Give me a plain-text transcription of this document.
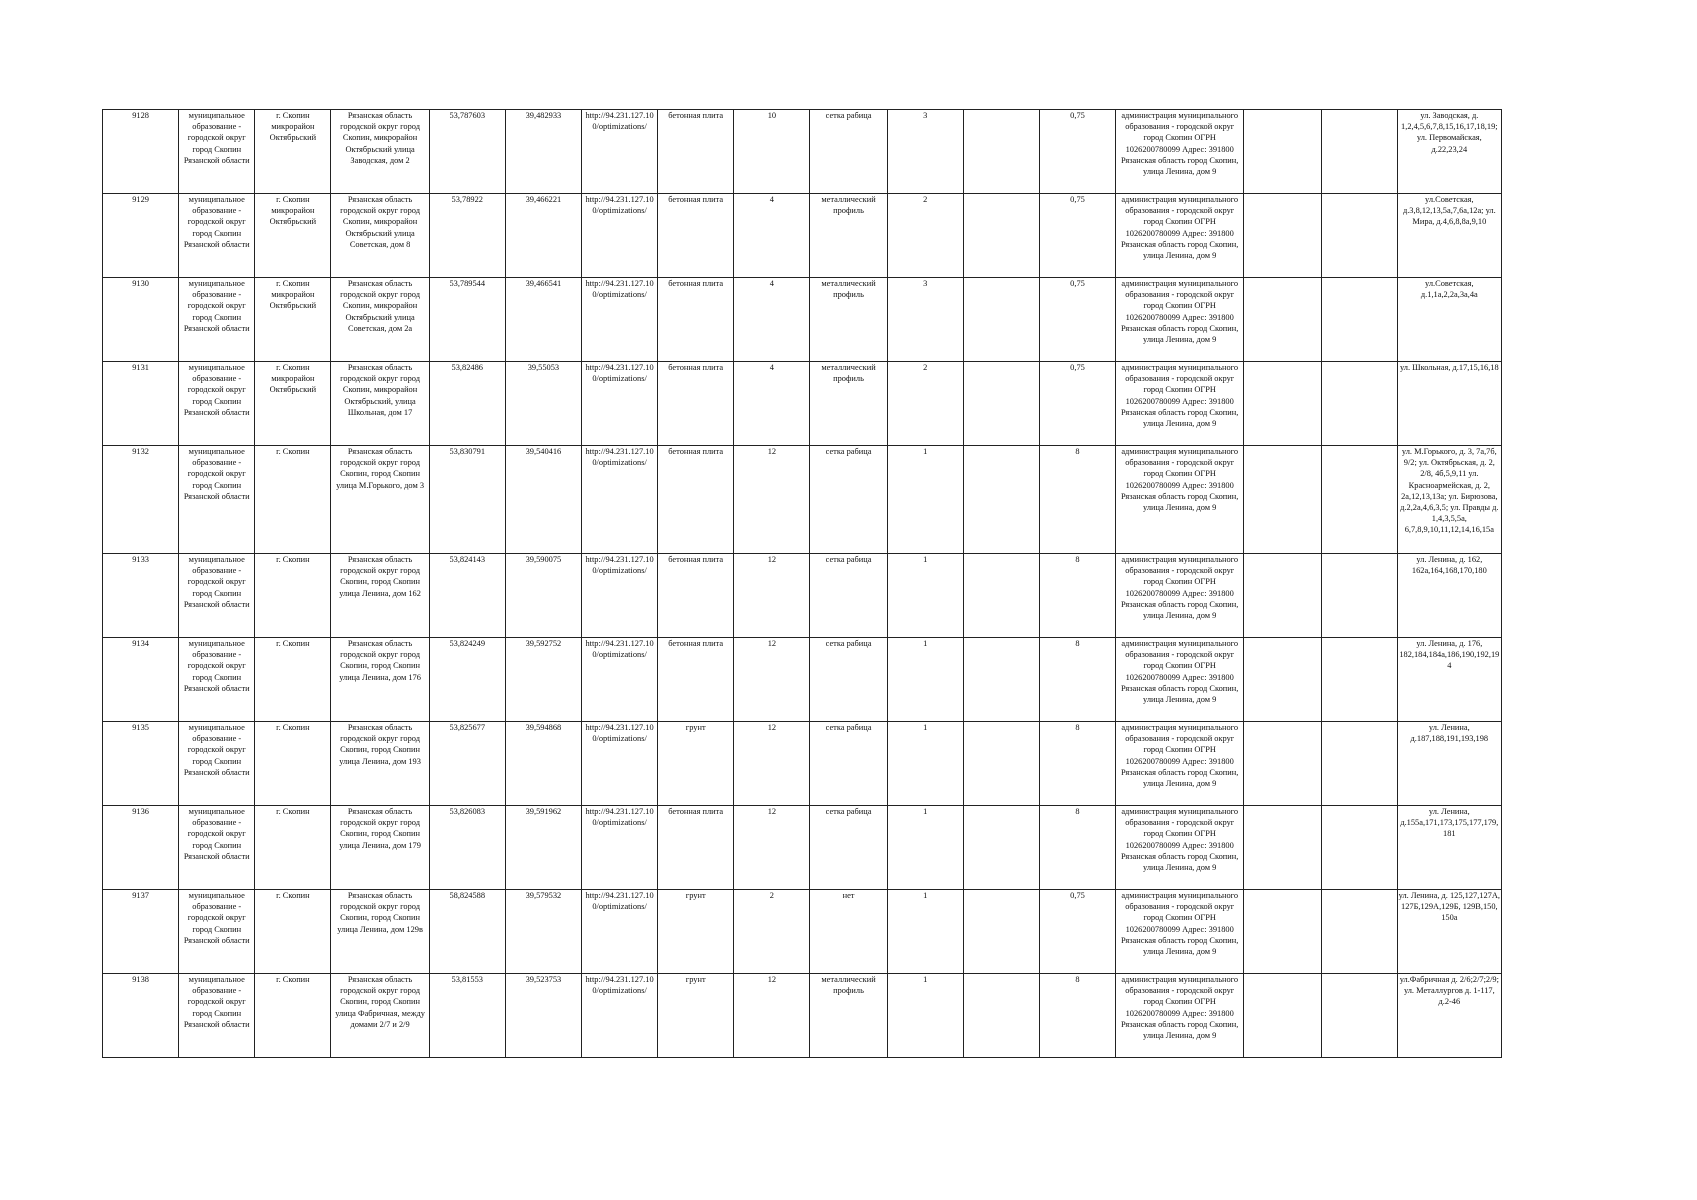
9128	муниципальное образование - городской округ город Скопин Рязанской области	г. Скопин микрорайон Октябрьский	Рязанская область городской округ город Скопин, микрорайон Октябрьский улица Заводская, дом 2	53,787603	39,482933	http://94.231.127.100/optimizations/	бетонная плита	10	сетка рабица	3		0,75	администрация муниципального образования - городской округ город Скопин ОГРН 1026200780099 Адрес: 391800 Рязанская область город Скопин, улица Ленина, дом 9			ул. Заводская, д. 1,2,4,5,6,7,8,15,16,17,18,19; ул. Первомайская, д.22,23,24
9129	муниципальное образование - городской округ город Скопин Рязанской области	г. Скопин микрорайон Октябрьский	Рязанская область городской округ город Скопин, микрорайон Октябрьский улица Советская, дом 8	53,78922	39,466221	http://94.231.127.100/optimizations/	бетонная плита	4	металлический профиль	2		0,75	администрация муниципального образования - городской округ город Скопин ОГРН 1026200780099 Адрес: 391800 Рязанская область город Скопин, улица Ленина, дом 9			ул.Советская, д.3,8,12,13,5а,7,6а,12а; ул. Мира, д.4,6,8,8а,9,10
9130	муниципальное образование - городской округ город Скопин Рязанской области	г. Скопин микрорайон Октябрьский	Рязанская область городской округ город Скопин, микрорайон Октябрьский улица Советская, дом 2а	53,789544	39,466541	http://94.231.127.100/optimizations/	бетонная плита	4	металлический профиль	3		0,75	администрация муниципального образования - городской округ город Скопин ОГРН 1026200780099 Адрес: 391800 Рязанская область город Скопин, улица Ленина, дом 9			ул.Советская, д.1,1а,2,2а,3а,4а
9131	муниципальное образование - городской округ город Скопин Рязанской области	г. Скопин микрорайон Октябрьский	Рязанская область городской округ город Скопин, микрорайон Октябрьский, улица Школьная, дом 17	53,82486	39,55053	http://94.231.127.100/optimizations/	бетонная плита	4	металлический профиль	2		0,75	администрация муниципального образования - городской округ город Скопин ОГРН 1026200780099 Адрес: 391800 Рязанская область город Скопин, улица Ленина, дом 9			ул. Школьная, д.17,15,16,18
9132	муниципальное образование - городской округ город Скопин Рязанской области	г. Скопин	Рязанская область городской округ город Скопин, город Скопин улица М.Горького, дом 3	53,830791	39,540416	http://94.231.127.100/optimizations/	бетонная плита	12	сетка рабица	1		8	администрация муниципального образования - городской округ город Скопин ОГРН 1026200780099 Адрес: 391800 Рязанская область город Скопин, улица Ленина, дом 9			ул. М.Горького, д. 3, 7а,7б, 9/2; ул. Октябрьская, д. 2, 2/8, 4б,5,9,11 ул. Красноармейская, д. 2, 2а,12,13,13а; ул. Бирюзова, д.2,2а,4,6,3,5; ул. Правды д. 1,4,3,5,5а, 6,7,8,9,10,11,12,14,16,15а
9133	муниципальное образование - городской округ город Скопин Рязанской области	г. Скопин	Рязанская область городской округ город Скопин, город Скопин улица Ленина, дом 162	53,824143	39,590075	http://94.231.127.100/optimizations/	бетонная плита	12	сетка рабица	1		8	администрация муниципального образования - городской округ город Скопин ОГРН 1026200780099 Адрес: 391800 Рязанская область город Скопин, улица Ленина, дом 9			ул. Ленина, д. 162, 162а,164,168,170,180
9134	муниципальное образование - городской округ город Скопин Рязанской области	г. Скопин	Рязанская область городской округ город Скопин, город Скопин улица Ленина, дом 176	53,824249	39,592752	http://94.231.127.100/optimizations/	бетонная плита	12	сетка рабица	1		8	администрация муниципального образования - городской округ город Скопин ОГРН 1026200780099 Адрес: 391800 Рязанская область город Скопин, улица Ленина, дом 9			ул. Ленина, д. 176, 182,184,184а,186,190,192,194
9135	муниципальное образование - городской округ город Скопин Рязанской области	г. Скопин	Рязанская область городской округ город Скопин, город Скопин улица Ленина, дом 193	53,825677	39,594868	http://94.231.127.100/optimizations/	грунт	12	сетка рабица	1		8	администрация муниципального образования - городской округ город Скопин ОГРН 1026200780099 Адрес: 391800 Рязанская область город Скопин, улица Ленина, дом 9			ул. Ленина, д.187,188,191,193,198
9136	муниципальное образование - городской округ город Скопин Рязанской области	г. Скопин	Рязанская область городской округ город Скопин, город Скопин улица Ленина, дом 179	53,826083	39,591962	http://94.231.127.100/optimizations/	бетонная плита	12	сетка рабица	1		8	администрация муниципального образования - городской округ город Скопин ОГРН 1026200780099 Адрес: 391800 Рязанская область город Скопин, улица Ленина, дом 9			ул. Ленина, д.155а,171,173,175,177,179,181
9137	муниципальное образование - городской округ город Скопин Рязанской области	г. Скопин	Рязанская область городской округ город Скопин, город Скопин улица Ленина, дом 129в	58,824588	39,579532	http://94.231.127.100/optimizations/	грунт	2	нет	1		0,75	администрация муниципального образования - городской округ город Скопин ОГРН 1026200780099 Адрес: 391800 Рязанская область город Скопин, улица Ленина, дом 9			ул. Ленина, д. 125,127,127А, 127Б,129А,129Б, 129В,150, 150а
9138	муниципальное образование - городской округ город Скопин Рязанской области	г. Скопин	Рязанская область городской округ город Скопин, город Скопин улица Фабричная, между домами 2/7 и 2/9	53,81553	39,523753	http://94.231.127.100/optimizations/	грунт	12	металлический профиль	1		8	администрация муниципального образования - городской округ город Скопин ОГРН 1026200780099 Адрес: 391800 Рязанская область город Скопин, улица Ленина, дом 9			ул.Фабричная д. 2/6;2/7;2/9; ул. Металлургов д. 1-117, д.2-46
